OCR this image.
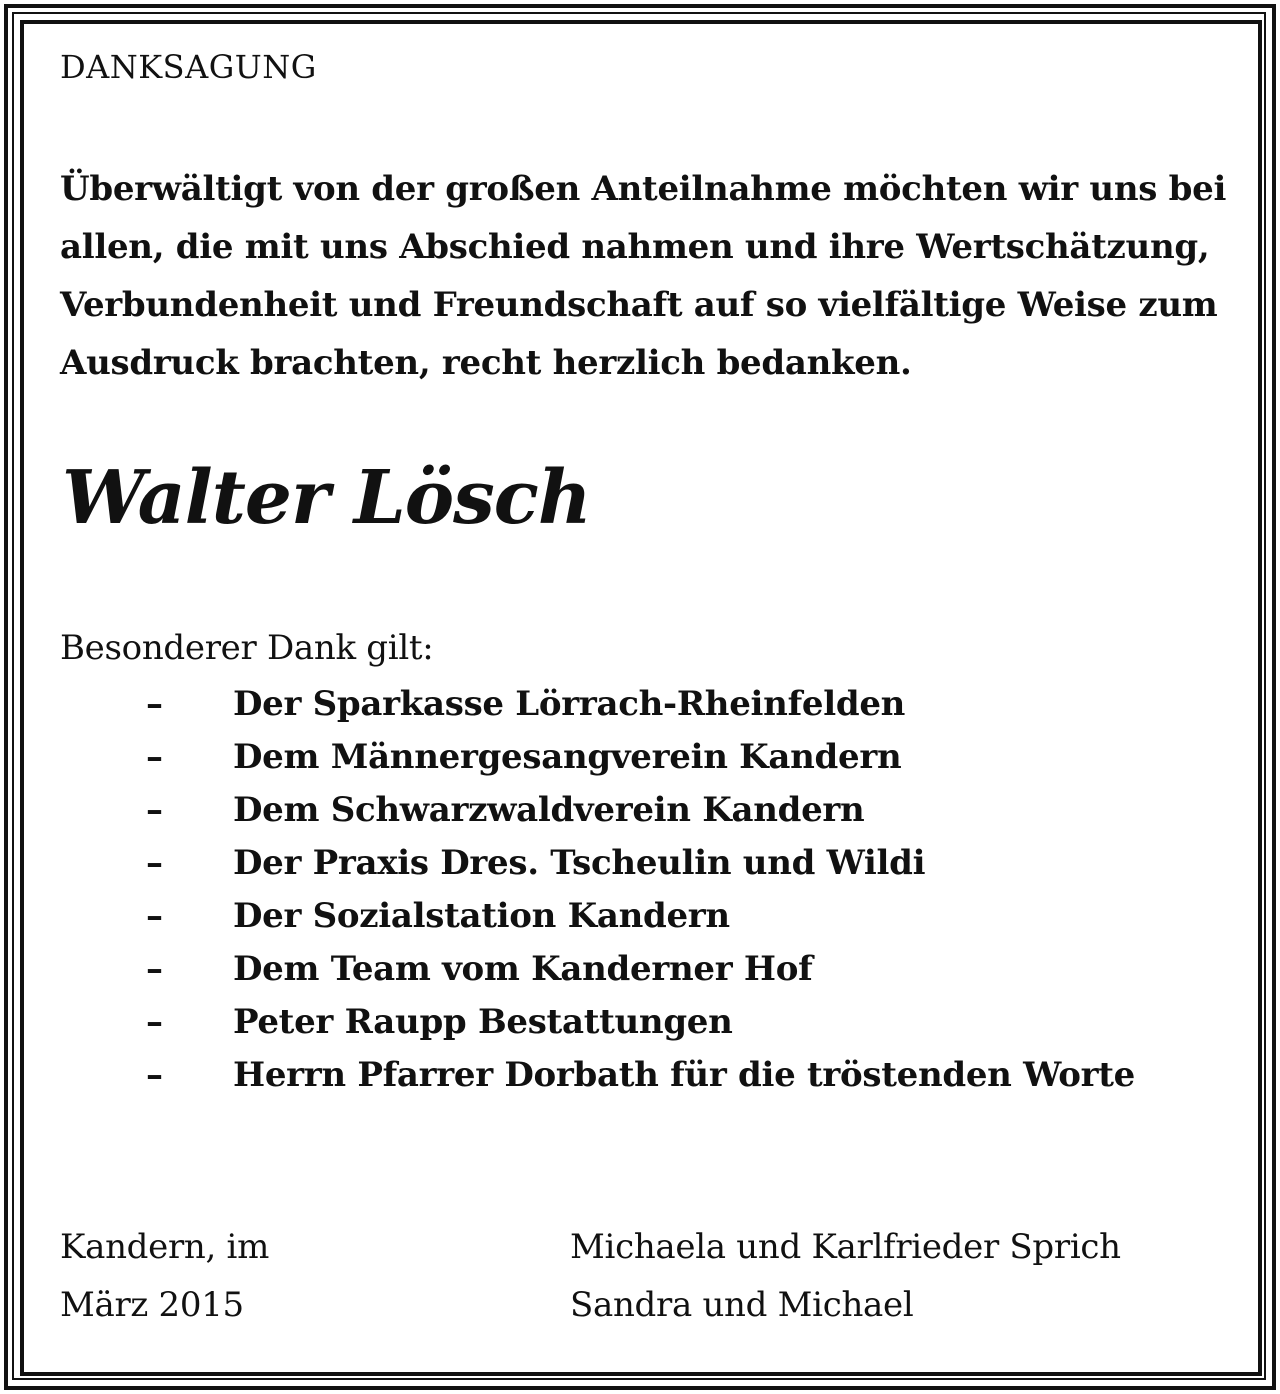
DANKSAGUNG
Überwältigt von der großen Anteilnahme möchten wir uns bei
allen, die mit uns Abschied nahmen und ihre Wertschätzung,
Verbundenheit und Freundschaft auf so vielfältige Weise zum
Ausdruck brachten, recht herzlich bedanken.
Walter Lösch
Besonderer Dank gilt:
– Der Sparkasse Lörrach-Rheinfelden
– Dem Männergesangverein Kandern
– Dem Schwarzwaldverein Kandern
– Der Praxis Dres. Tscheulin und Wildi
– Der Sozialstation Kandern
– Dem Team vom Kanderner Hof
– Peter Raupp Bestattungen
– Herrn Pfarrer Dorbath für die tröstenden Worte
Kandern, im
März 2015
Michaela und Karlfrieder Sprich
Sandra und Michael
